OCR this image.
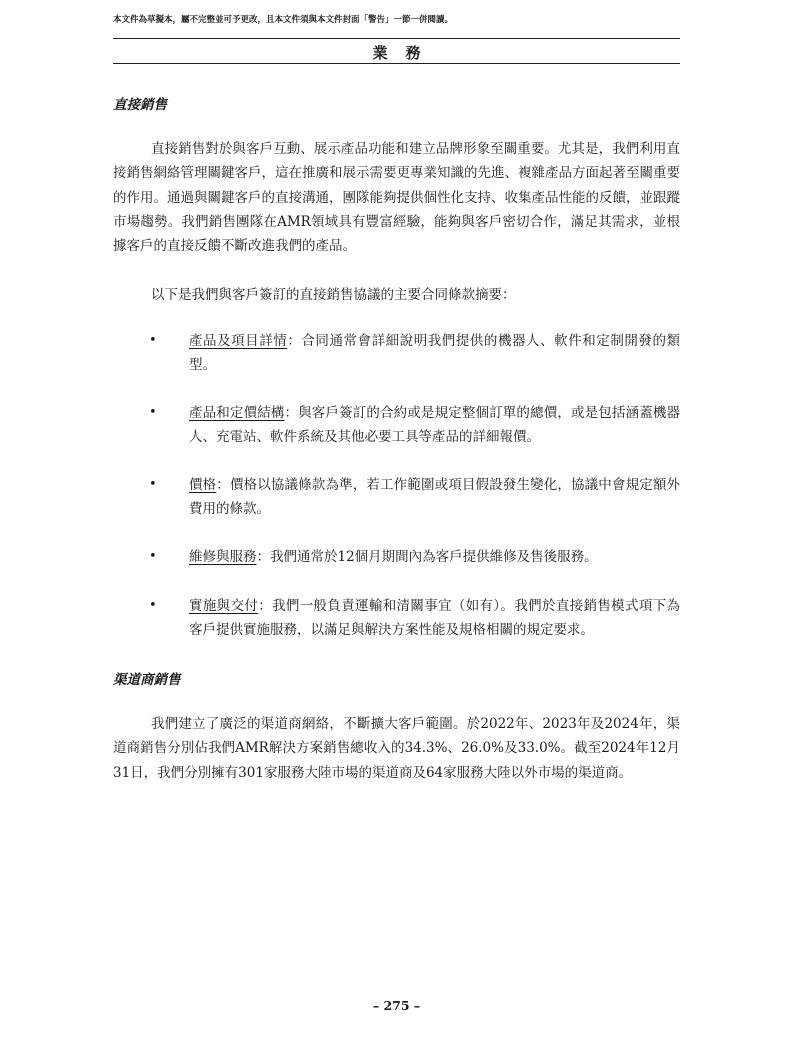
本文件為草擬本，屬不完整並可予更改，且本文件須與本文件封面「警告」一節一併閱讀。
業務
直接銷售

直接銷售對於與客戶互動、展示產品功能和建立品牌形象至關重要。尤其是，我們利用直接銷售網絡管理關鍵客戶，這在推廣和展示需要更專業知識的先進、複雜產品方面起著至關重要的作用。通過與關鍵客戶的直接溝通，團隊能夠提供個性化支持、收集產品性能的反饋，並跟蹤市場趨勢。我們銷售團隊在AMR領域具有豐富經驗，能夠與客戶密切合作，滿足其需求，並根據客戶的直接反饋不斷改進我們的產品。

以下是我們與客戶簽訂的直接銷售協議的主要合同條款摘要：

• 產品及項目詳情：合同通常會詳細說明我們提供的機器人、軟件和定制開發的類型。

• 產品和定價結構：與客戶簽訂的合約或是規定整個訂單的總價，或是包括涵蓋機器人、充電站、軟件系統及其他必要工具等產品的詳細報價。

• 價格：價格以協議條款為準，若工作範圍或項目假設發生變化，協議中會規定額外費用的條款。

• 維修與服務：我們通常於12個月期間內為客戶提供維修及售後服務。

• 實施與交付：我們一般負責運輸和清關事宜（如有）。我們於直接銷售模式項下為客戶提供實施服務，以滿足與解決方案性能及規格相關的規定要求。

渠道商銷售

我們建立了廣泛的渠道商網絡，不斷擴大客戶範圍。於2022年、2023年及2024年，渠道商銷售分別佔我們AMR解決方案銷售總收入的34.3%、26.0%及33.0%。截至2024年12月31日，我們分別擁有301家服務大陸市場的渠道商及64家服務大陸以外市場的渠道商。

– 275 –
